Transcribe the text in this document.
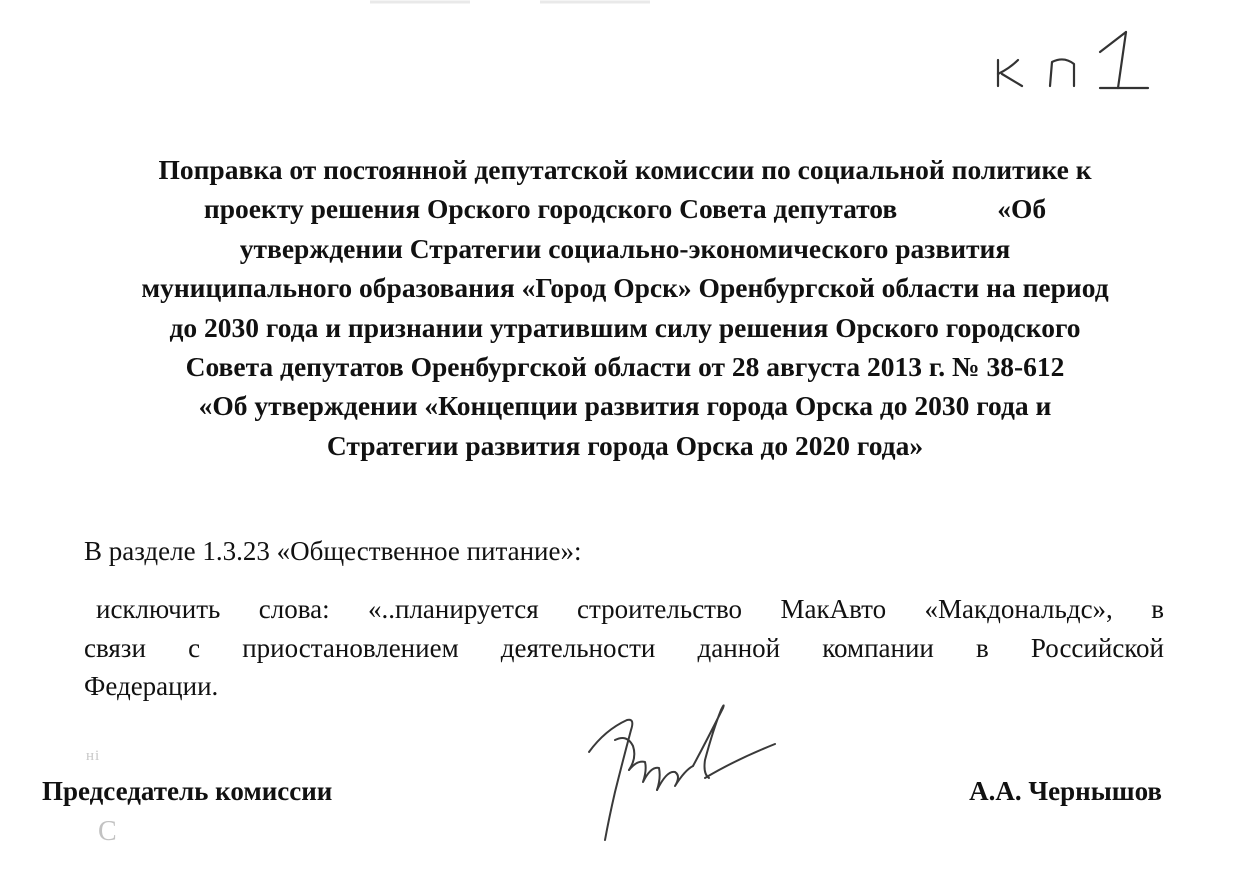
Поправка от постоянной депутатской комиссии по социальной политике к
проекту решения Орского городского Совета депутатов	«Об
утверждении Стратегии социально-экономического развития
муниципального образования «Город Орск» Оренбургской области на период
до 2030 года и признании утратившим силу решения Орского городского
Совета депутатов Оренбургской области от 28 августа 2013 г. № 38-612
«Об утверждении «Концепции развития города Орска до 2030 года и
Стратегии развития города Орска до 2020 года»
В разделе 1.3.23 «Общественное питание»:
исключить слова: «..планируется строительство МакАвто «Макдональдс», в
связи с приостановлением деятельности данной компании в Российской
Федерации.
ні
С
Председатель комиссии	А.А. Чернышов
